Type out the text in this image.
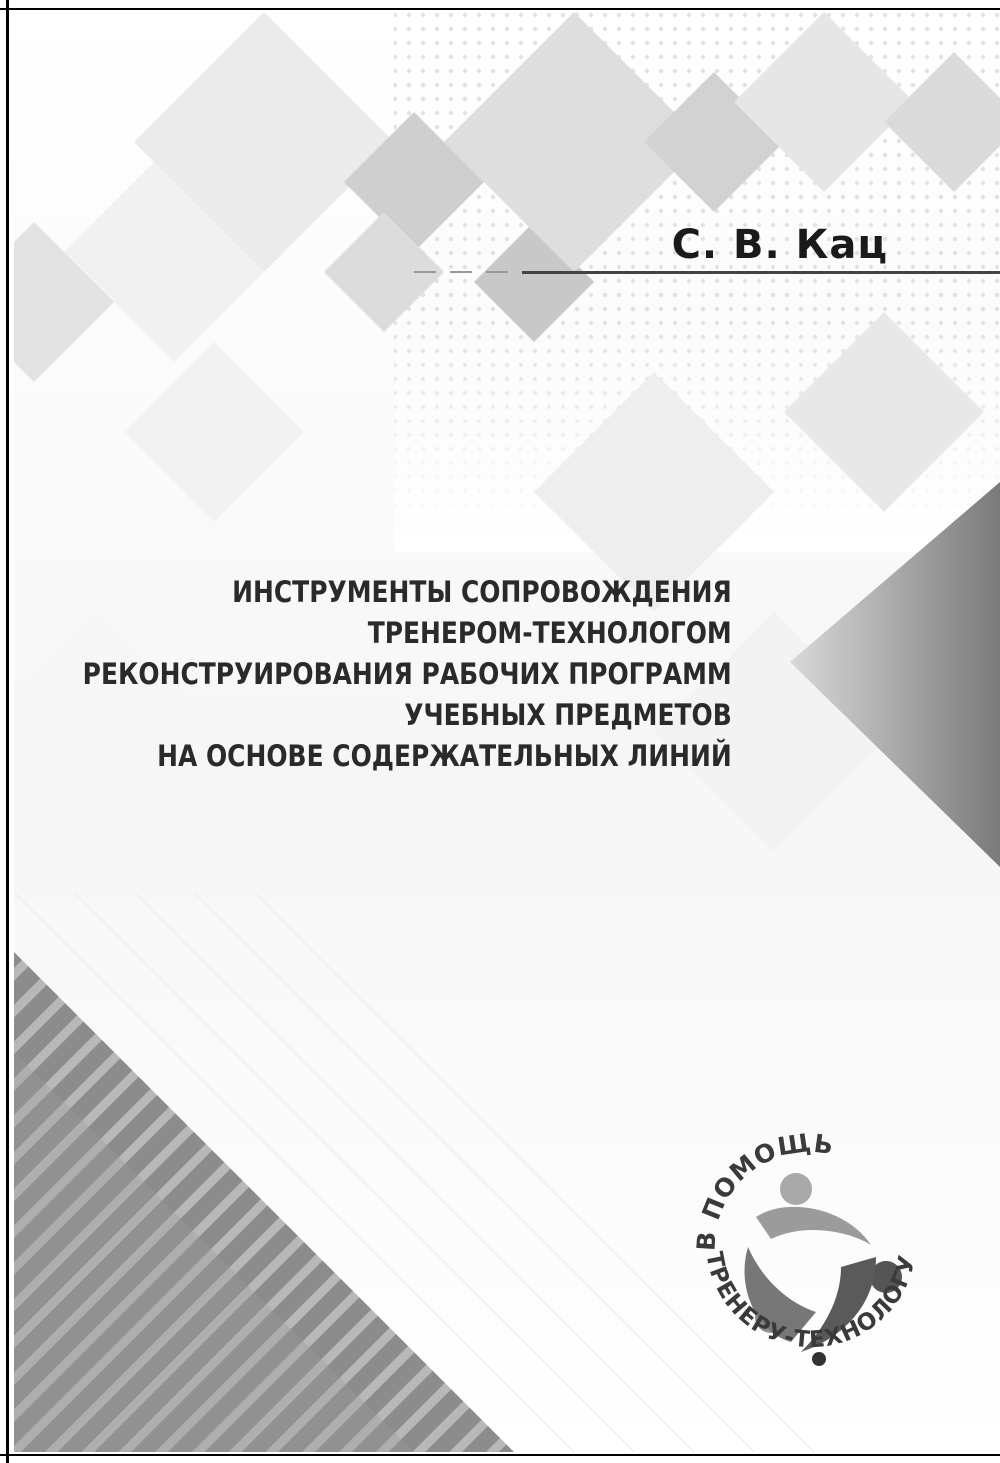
С. В. Кац
ИНСТРУМЕНТЫ СОПРОВОЖДЕНИЯ
ТРЕНЕРОМ-ТЕХНОЛОГОМ
РЕКОНСТРУИРОВАНИЯ РАБОЧИХ ПРОГРАММ
УЧЕБНЫХ ПРЕДМЕТОВ
НА ОСНОВЕ СОДЕРЖАТЕЛЬНЫХ ЛИНИЙ
В ПОМОЩЬ
ТРЕНЕРУ-ТЕХНОЛОГУ
